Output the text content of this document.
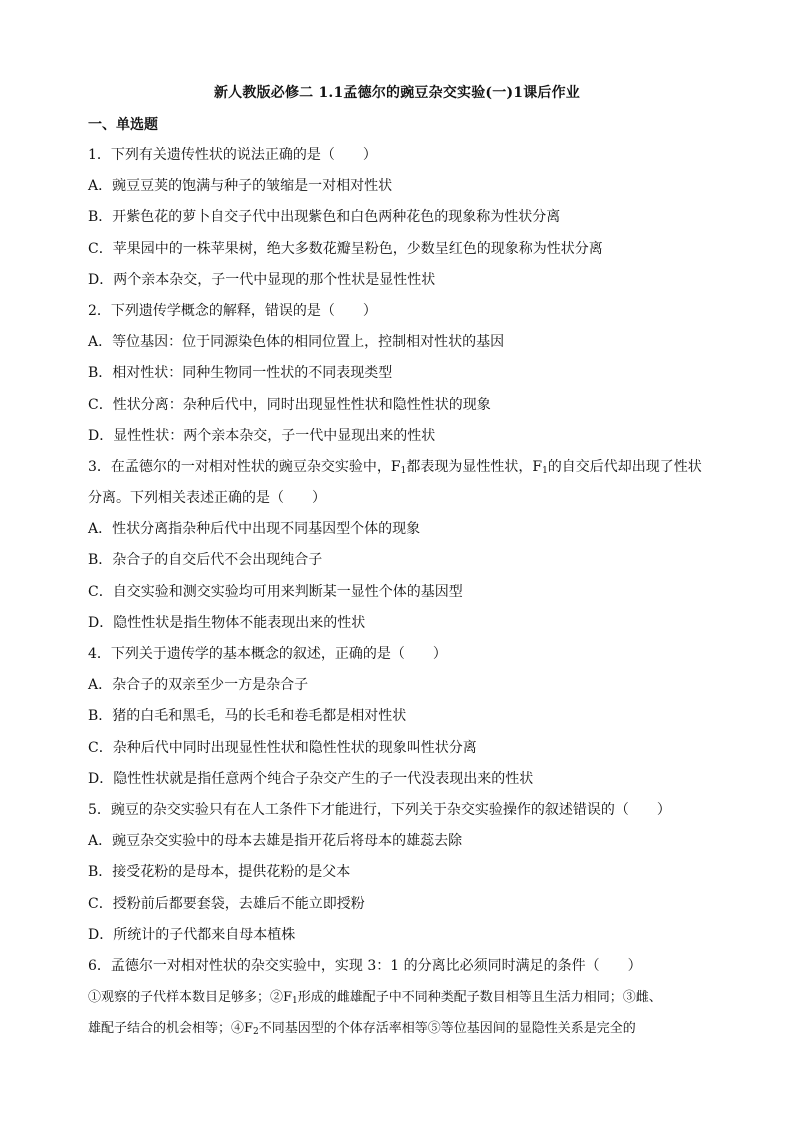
新人教版必修二 1.1孟德尔的豌豆杂交实验(一)1课后作业
一、单选题
1．下列有关遗传性状的说法正确的是（　　）
A．豌豆豆荚的饱满与种子的皱缩是一对相对性状
B．开紫色花的萝卜自交子代中出现紫色和白色两种花色的现象称为性状分离
C．苹果园中的一株苹果树，绝大多数花瓣呈粉色，少数呈红色的现象称为性状分离
D．两个亲本杂交，子一代中显现的那个性状是显性性状
2．下列遗传学概念的解释，错误的是（　　）
A．等位基因：位于同源染色体的相同位置上，控制相对性状的基因
B．相对性状：同种生物同一性状的不同表现类型
C．性状分离：杂种后代中，同时出现显性性状和隐性性状的现象
D．显性性状：两个亲本杂交，子一代中显现出来的性状
3．在孟德尔的一对相对性状的豌豆杂交实验中，$F_1$都表现为显性性状，$F_1$的自交后代却出现了性状
分离。下列相关表述正确的是（　　）
A．性状分离指杂种后代中出现不同基因型个体的现象
B．杂合子的自交后代不会出现纯合子
C．自交实验和测交实验均可用来判断某一显性个体的基因型
D．隐性性状是指生物体不能表现出来的性状
4．下列关于遗传学的基本概念的叙述，正确的是（　　）
A．杂合子的双亲至少一方是杂合子
B．猪的白毛和黑毛，马的长毛和卷毛都是相对性状
C．杂种后代中同时出现显性性状和隐性性状的现象叫性状分离
D．隐性性状就是指任意两个纯合子杂交产生的子一代没表现出来的性状
5．豌豆的杂交实验只有在人工条件下才能进行，下列关于杂交实验操作的叙述错误的（　　）
A．豌豆杂交实验中的母本去雄是指开花后将母本的雄蕊去除
B．接受花粉的是母本，提供花粉的是父本
C．授粉前后都要套袋，去雄后不能立即授粉
D．所统计的子代都来自母本植株
6．孟德尔一对相对性状的杂交实验中，实现 3：1 的分离比必须同时满足的条件（　　）
①观察的子代样本数目足够多；$②F_1$形成的雌雄配子中不同种类配子数目相等且生活力相同；③雌、
雄配子结合的机会相等；$④F_2$不同基因型的个体存活率相等⑤等位基因间的显隐性关系是完全的
